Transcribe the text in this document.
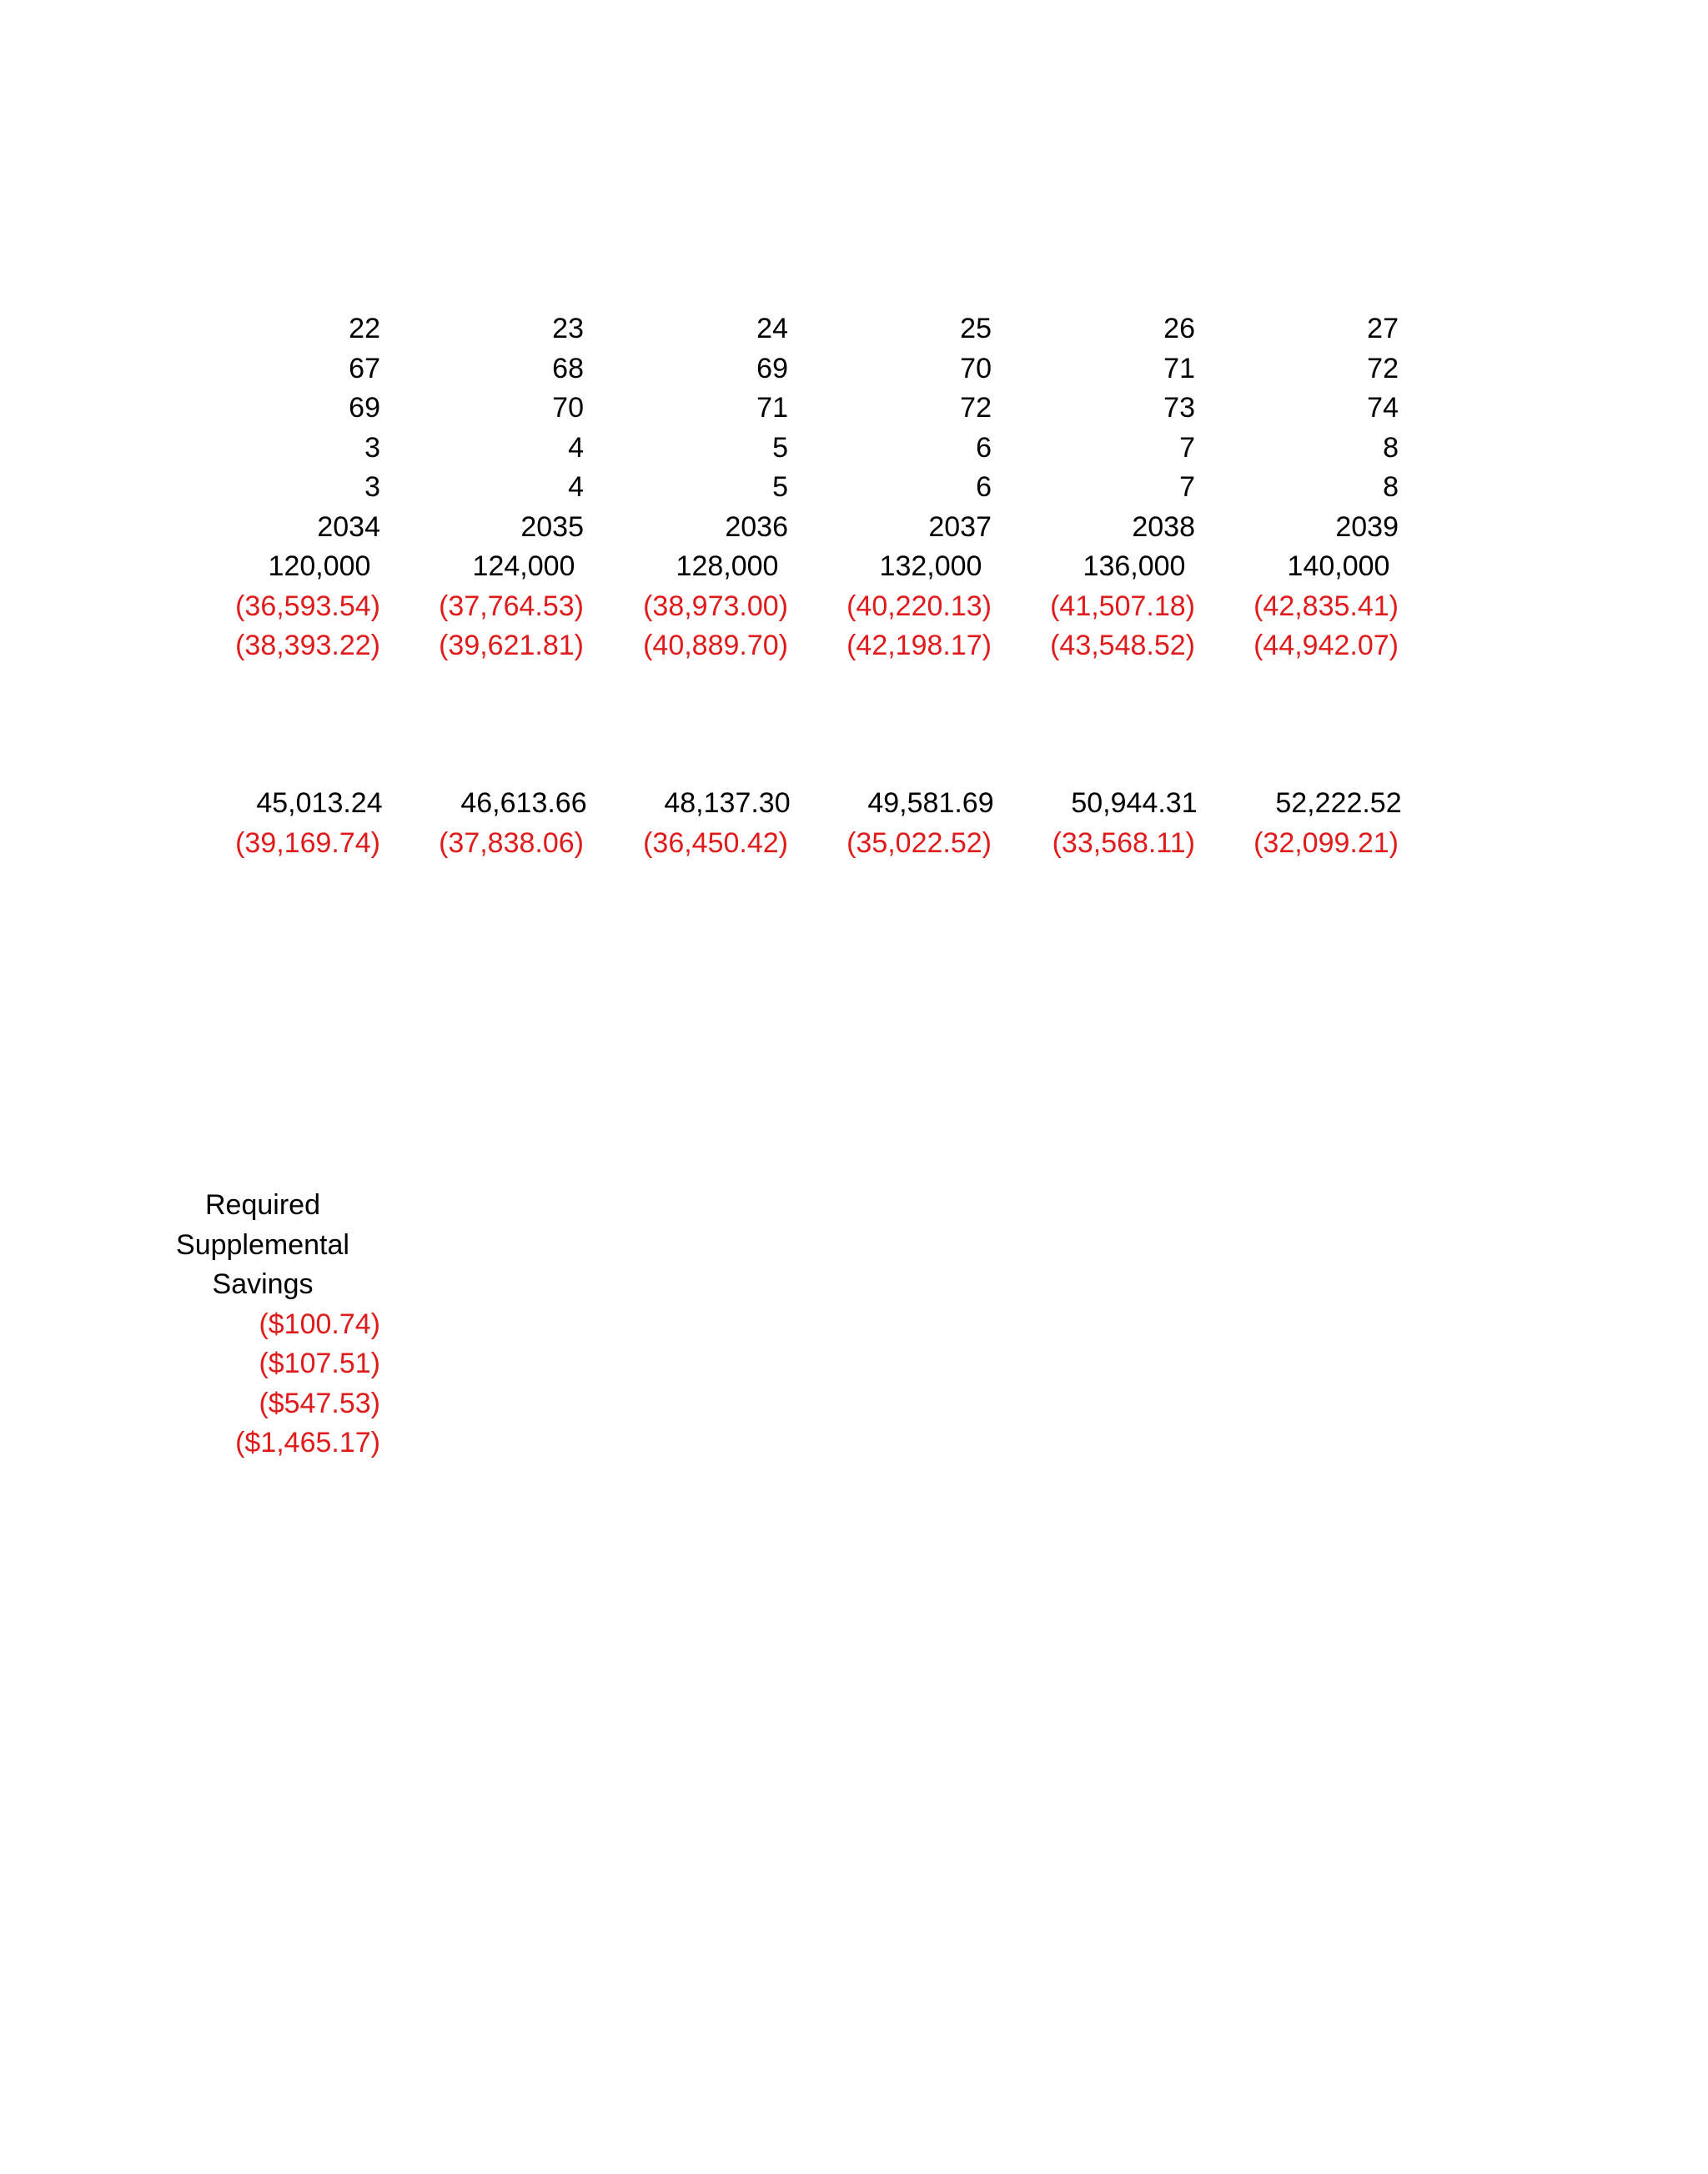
22	23	24	25	26	27
67	68	69	70	71	72
69	70	71	72	73	74
3	4	5	6	7	8
3	4	5	6	7	8
2034	2035	2036	2037	2038	2039
120,000	124,000	128,000	132,000	136,000	140,000
(36,593.54)	(37,764.53)	(38,973.00)	(40,220.13)	(41,507.18)	(42,835.41)
(38,393.22)	(39,621.81)	(40,889.70)	(42,198.17)	(43,548.52)	(44,942.07)
45,013.24	46,613.66	48,137.30	49,581.69	50,944.31	52,222.52
(39,169.74)	(37,838.06)	(36,450.42)	(35,022.52)	(33,568.11)	(32,099.21)
Required
Supplemental
Savings
($100.74)
($107.51)
($547.53)
($1,465.17)
